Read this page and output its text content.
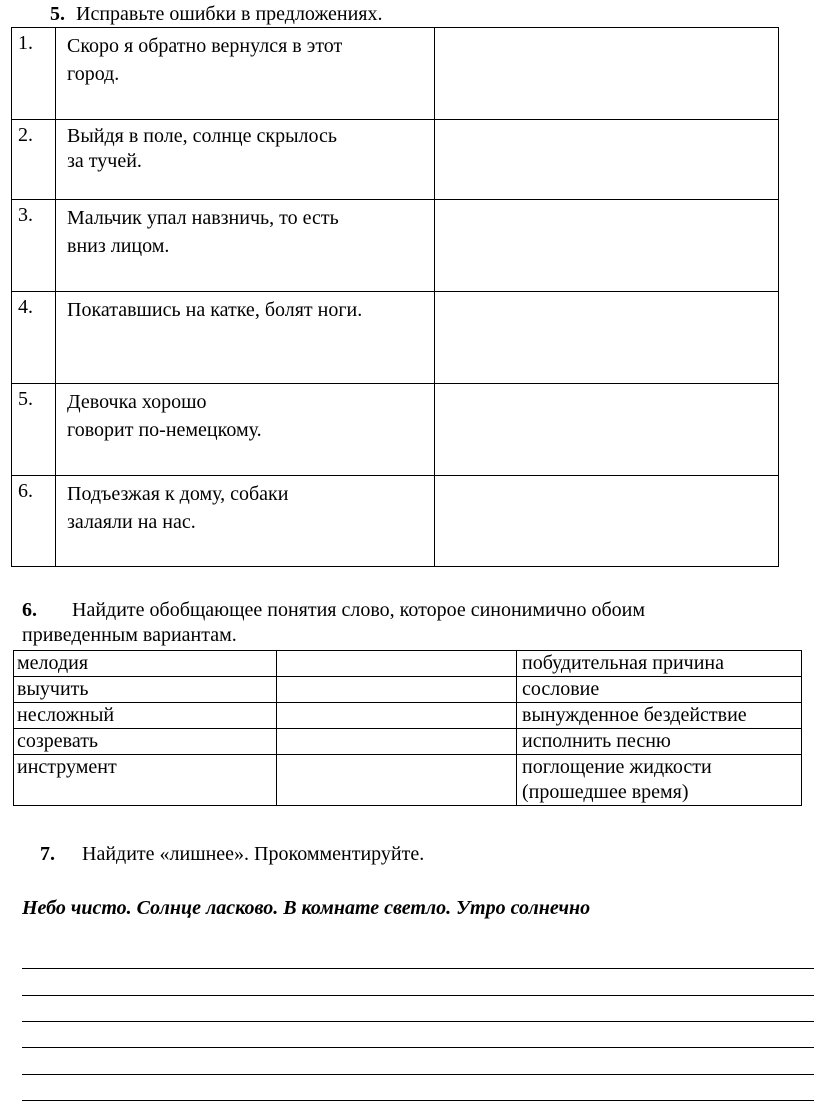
5. Исправьте ошибки в предложениях.
1.	Скоро я обратно вернулся в этот
город.	

2.	Выйдя в поле, солнце скрылось
за тучей.	

3.	Мальчик упал навзничь, то есть
вниз лицом.	

4.	Покатавшись на катке, болят ноги.	

5.	Девочка хорошо
говорит по-немецкому.	

6.	Подъезжая к дому, собаки
залаяли на нас.	

6. Найдите обобщающее понятия слово, которое синонимично обоим
приведенным вариантам.
мелодия		побудительная причина
выучить		сословие
несложный		вынужденное бездействие
созревать		исполнить песню
инструмент		поглощение жидкости
(прошедшее время)
7. Найдите «лишнее». Прокомментируйте.
Небо чисто. Солнце ласково. В комнате светло. Утро солнечно
